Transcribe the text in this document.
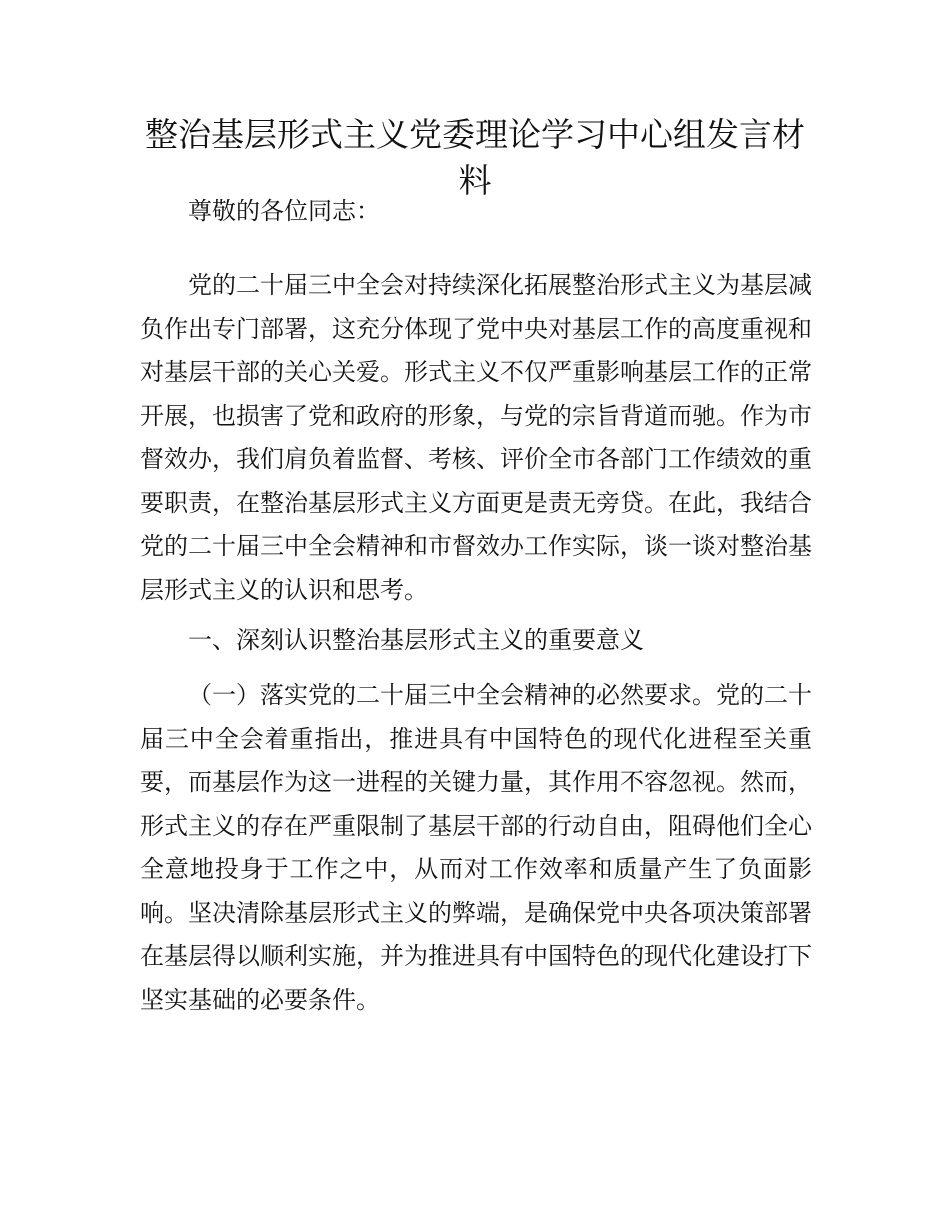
整治基层形式主义党委理论学习中心组发言材料

尊敬的各位同志：

党的二十届三中全会对持续深化拓展整治形式主义为基层减负作出专门部署，这充分体现了党中央对基层工作的高度重视和对基层干部的关心关爱。形式主义不仅严重影响基层工作的正常开展，也损害了党和政府的形象，与党的宗旨背道而驰。作为市督效办，我们肩负着监督、考核、评价全市各部门工作绩效的重要职责，在整治基层形式主义方面更是责无旁贷。在此，我结合党的二十届三中全会精神和市督效办工作实际，谈一谈对整治基层形式主义的认识和思考。

一、深刻认识整治基层形式主义的重要意义

（一）落实党的二十届三中全会精神的必然要求。党的二十届三中全会着重指出，推进具有中国特色的现代化进程至关重要，而基层作为这一进程的关键力量，其作用不容忽视。然而，形式主义的存在严重限制了基层干部的行动自由，阻碍他们全心全意地投身于工作之中，从而对工作效率和质量产生了负面影响。坚决清除基层形式主义的弊端，是确保党中央各项决策部署在基层得以顺利实施，并为推进具有中国特色的现代化建设打下坚实基础的必要条件。
